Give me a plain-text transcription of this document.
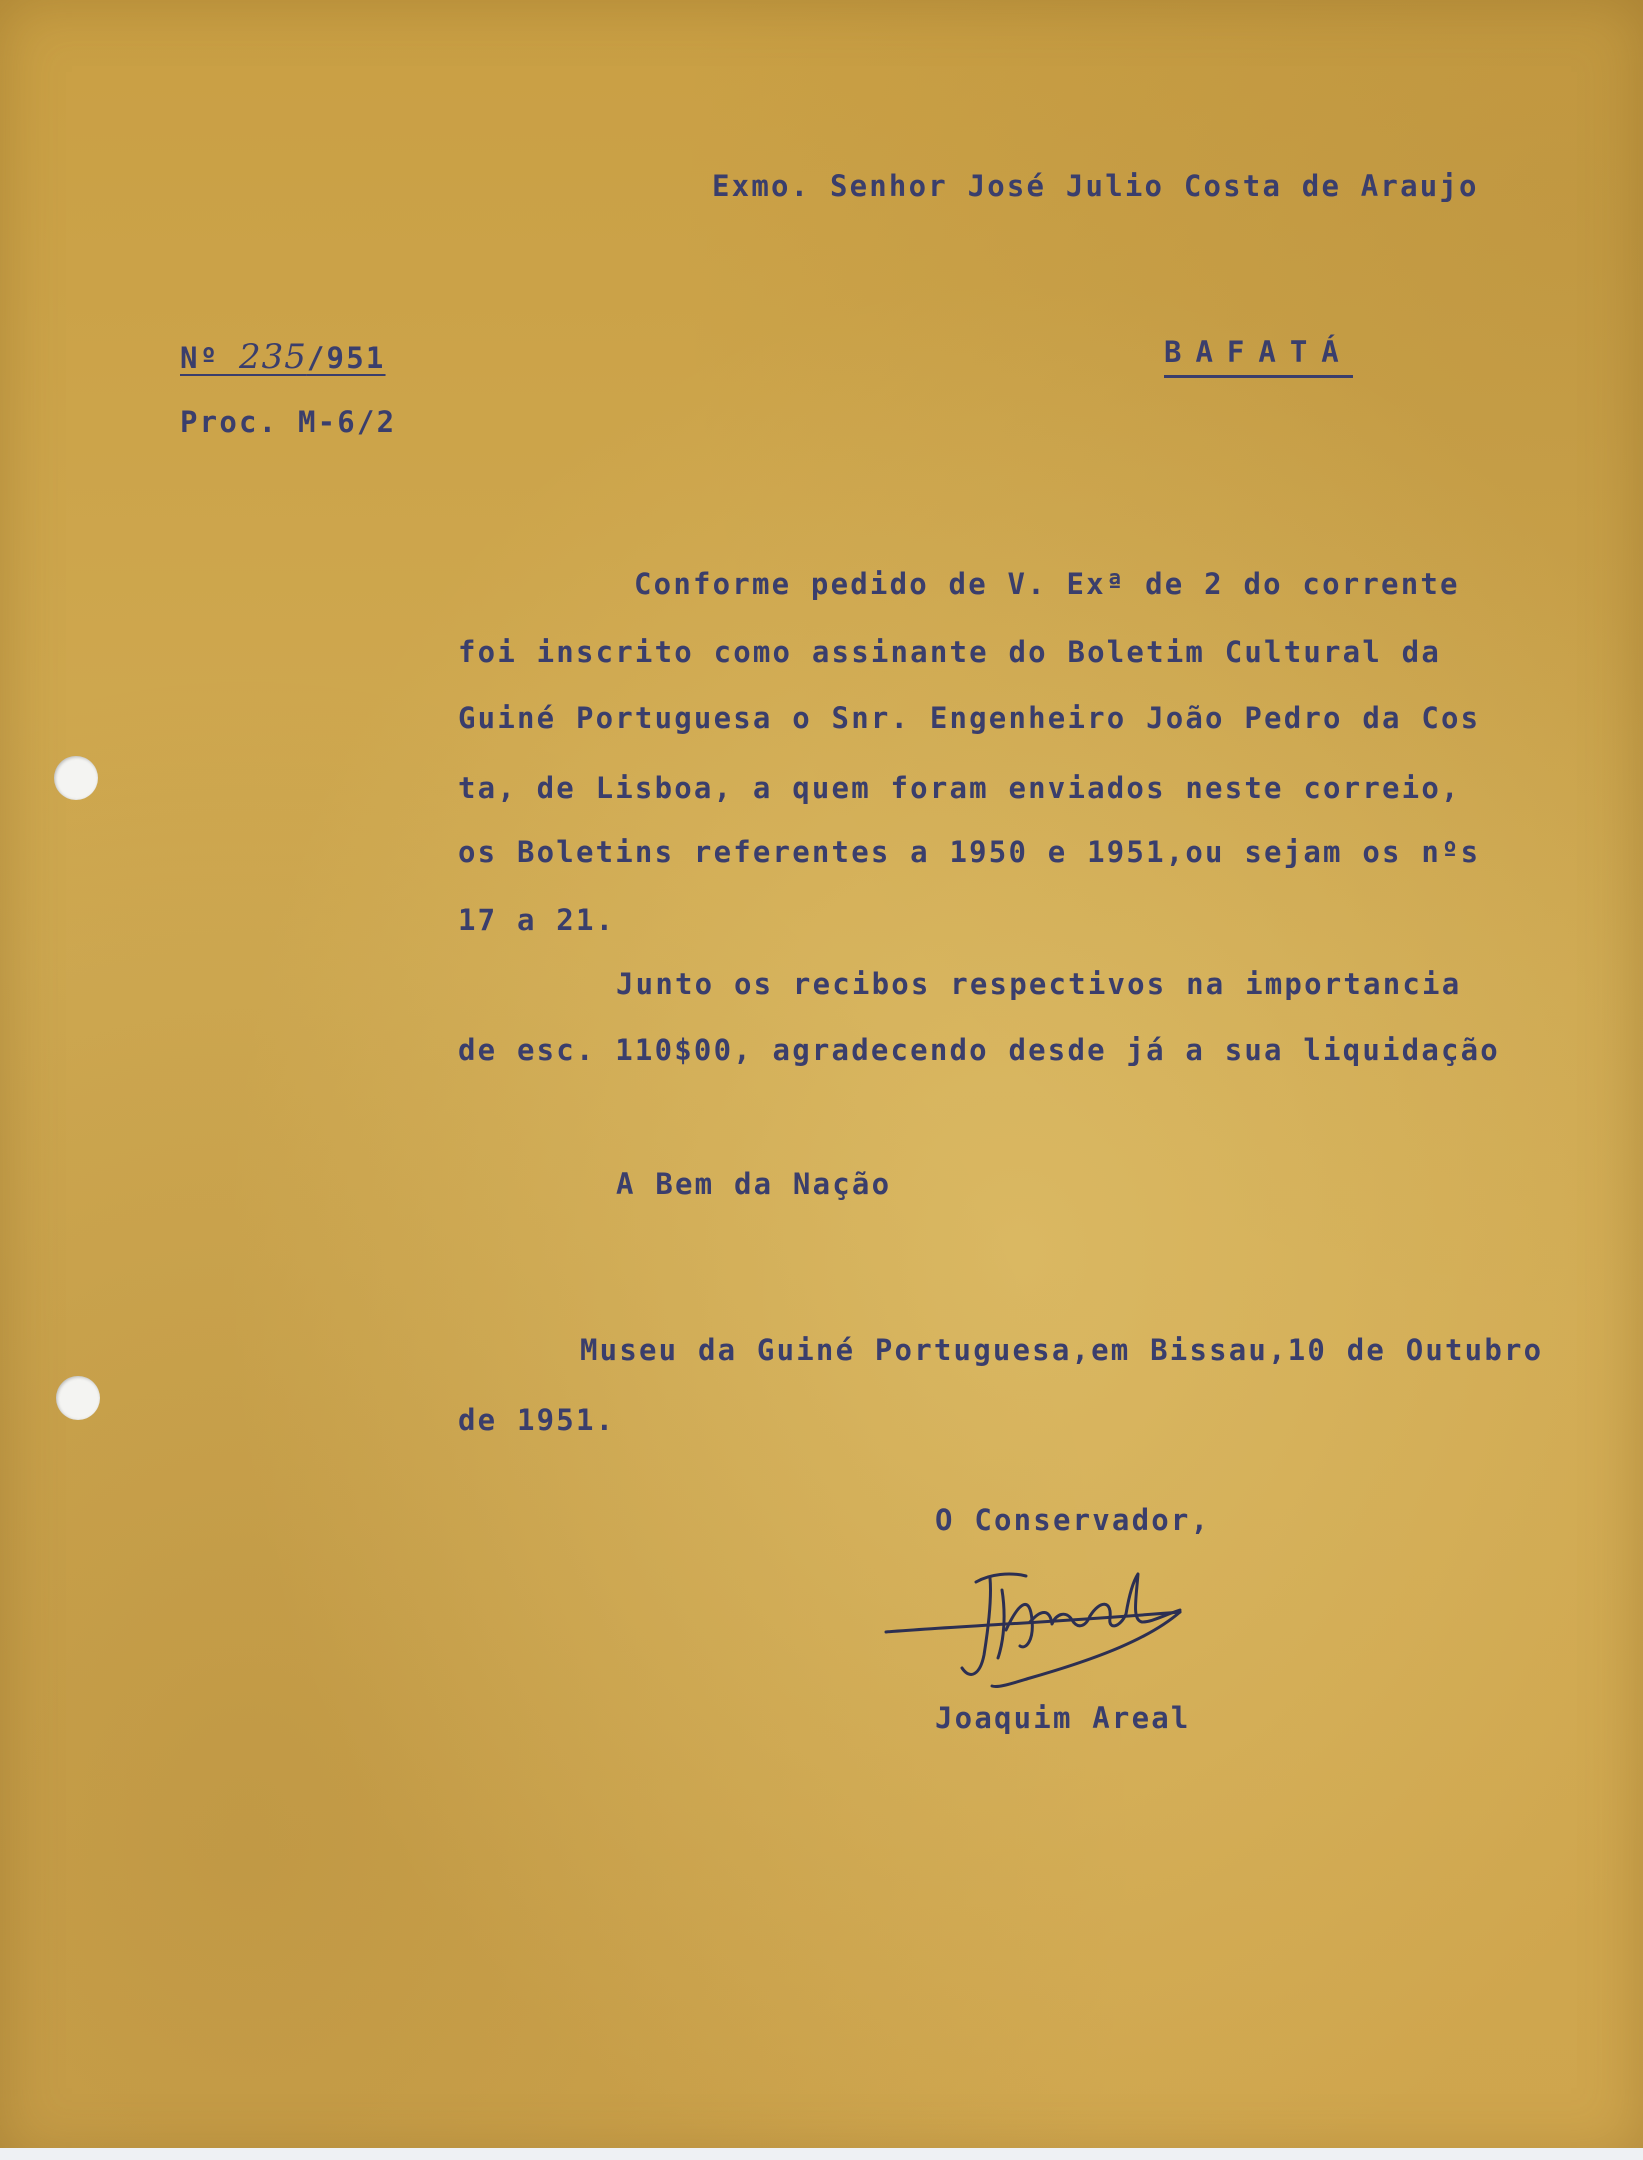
Exmo. Senhor José Julio Costa de Araujo
Nº 235/951
Proc. M-6/2
BAFATÁ
Conforme pedido de V. Exª de 2 do corrente
foi inscrito como assinante do Boletim Cultural da
Guiné Portuguesa o Snr. Engenheiro João Pedro da Cos
ta, de Lisboa, a quem foram enviados neste correio,
os Boletins referentes a 1950 e 1951,ou sejam os nºs
17 a 21.
Junto os recibos respectivos na importancia
de esc. 110$00, agradecendo desde já a sua liquidação
A Bem da Nação
Museu da Guiné Portuguesa,em Bissau,10 de Outubro
de 1951.
O Conservador,
Joaquim Areal
